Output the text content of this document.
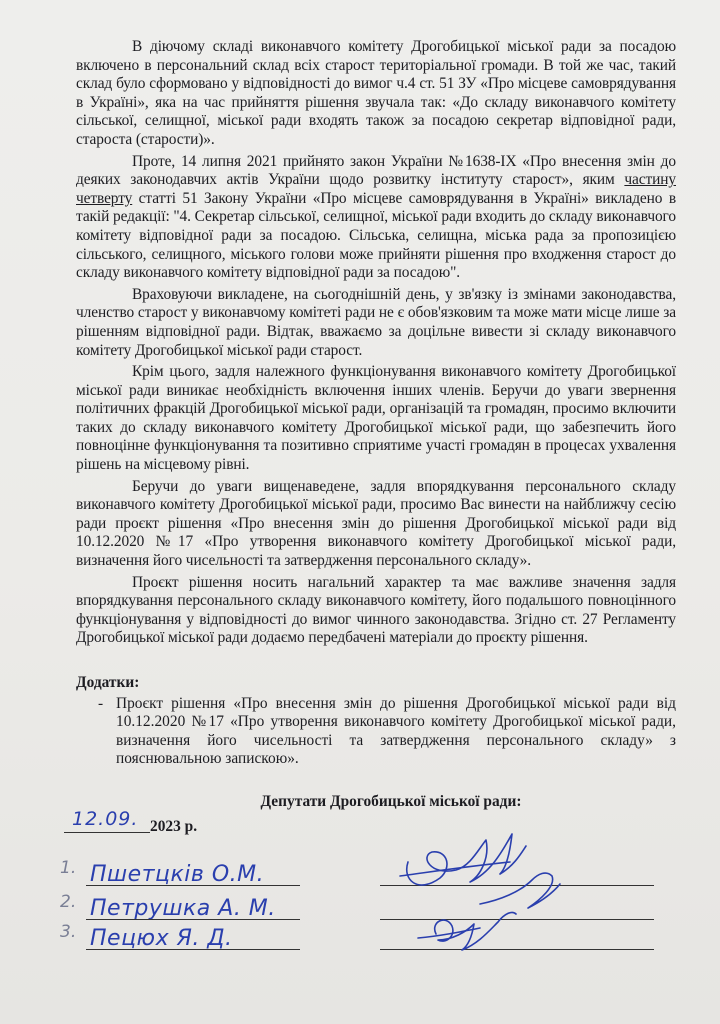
В діючому складі виконавчого комітету Дрогобицької міської ради за посадою включено в персональний склад всіх старост територіальної громади. В той же час, такий склад було сформовано у відповідності до вимог ч.4 ст. 51 ЗУ «Про місцеве самоврядування в Україні», яка на час прийняття рішення звучала так: «До складу виконавчого комітету сільської, селищної, міської ради входять також за посадою секретар відповідної ради, староста (старости)».

Проте, 14 липня 2021 прийнято закон України №1638-IX «Про внесення змін до деяких законодавчих актів України щодо розвитку інституту старост», яким частину четверту статті 51 Закону України «Про місцеве самоврядування в Україні» викладено в такій редакції: "4. Секретар сільської, селищної, міської ради входить до складу виконавчого комітету відповідної ради за посадою. Сільська, селищна, міська рада за пропозицією сільського, селищного, міського голови може прийняти рішення про входження старост до складу виконавчого комітету відповідної ради за посадою".

Враховуючи викладене, на сьогоднішній день, у зв'язку із змінами законодавства, членство старост у виконавчому комітеті ради не є обов'язковим та може мати місце лише за рішенням відповідної ради. Відтак, вважаємо за доцільне вивести зі складу виконавчого комітету Дрогобицької міської ради старост.

Крім цього, задля належного функціонування виконавчого комітету Дрогобицької міської ради виникає необхідність включення інших членів. Беручи до уваги звернення політичних фракцій Дрогобицької міської ради, організацій та громадян, просимо включити таких до складу виконавчого комітету Дрогобицької міської ради, що забезпечить його повноцінне функціонування та позитивно сприятиме участі громадян в процесах ухвалення рішень на місцевому рівні.

Беручи до уваги вищенаведене, задля впорядкування персонального складу виконавчого комітету Дрогобицької міської ради, просимо Вас винести на найближчу сесію ради проєкт рішення «Про внесення змін до рішення Дрогобицької міської ради від 10.12.2020 №17 «Про утворення виконавчого комітету Дрогобицької міської ради, визначення його чисельності та затвердження персонального складу».

Проєкт рішення носить нагальний характер та має важливе значення задля впорядкування персонального складу виконавчого комітету, його подальшого повноцінного функціонування у відповідності до вимог чинного законодавства. Згідно ст. 27 Регламенту Дрогобицької міської ради додаємо передбачені матеріали до проєкту рішення.

Додатки:
- Проєкт рішення «Про внесення змін до рішення Дрогобицької міської ради від 10.12.2020 №17 «Про утворення виконавчого комітету Дрогобицької міської ради, визначення його чисельності та затвердження персонального складу» з пояснювальною запискою».
Депутати Дрогобицької міської ради:
12.09. 2023 р.
1. Пшетцків О.М.
2. Петрушка А. М.
3. Пецюх Я. Д.
